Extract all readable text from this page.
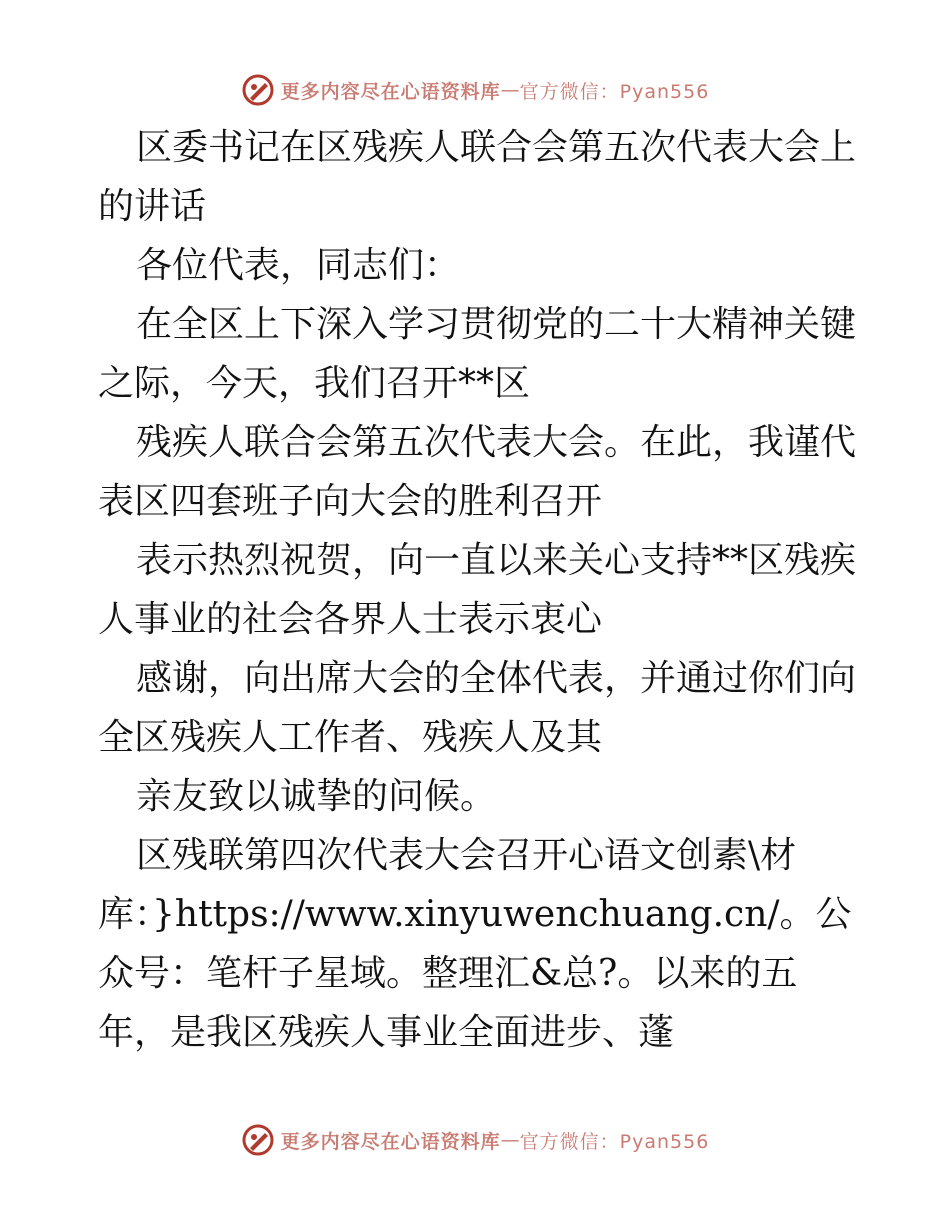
更多内容尽在心语资料库 — 官方微信：Pyan556

区委书记在区残疾人联合会第五次代表大会上的讲话

各位代表，同志们：

在全区上下深入学习贯彻党的二十大精神关键之际，今天，我们召开**区

残疾人联合会第五次代表大会。在此，我谨代表区四套班子向大会的胜利召开

表示热烈祝贺，向一直以来关心支持**区残疾人事业的社会各界人士表示衷心

感谢，向出席大会的全体代表，并通过你们向全区残疾人工作者、残疾人及其

亲友致以诚挚的问候。

区残联第四次代表大会召开心语文创素\材库：}https://www.xinyuwenchuang.cn/。公众号：笔杆子星域。整理汇&总?。以来的五年，是我区残疾人事业全面进步、蓬

更多内容尽在心语资料库 — 官方微信：Pyan556
